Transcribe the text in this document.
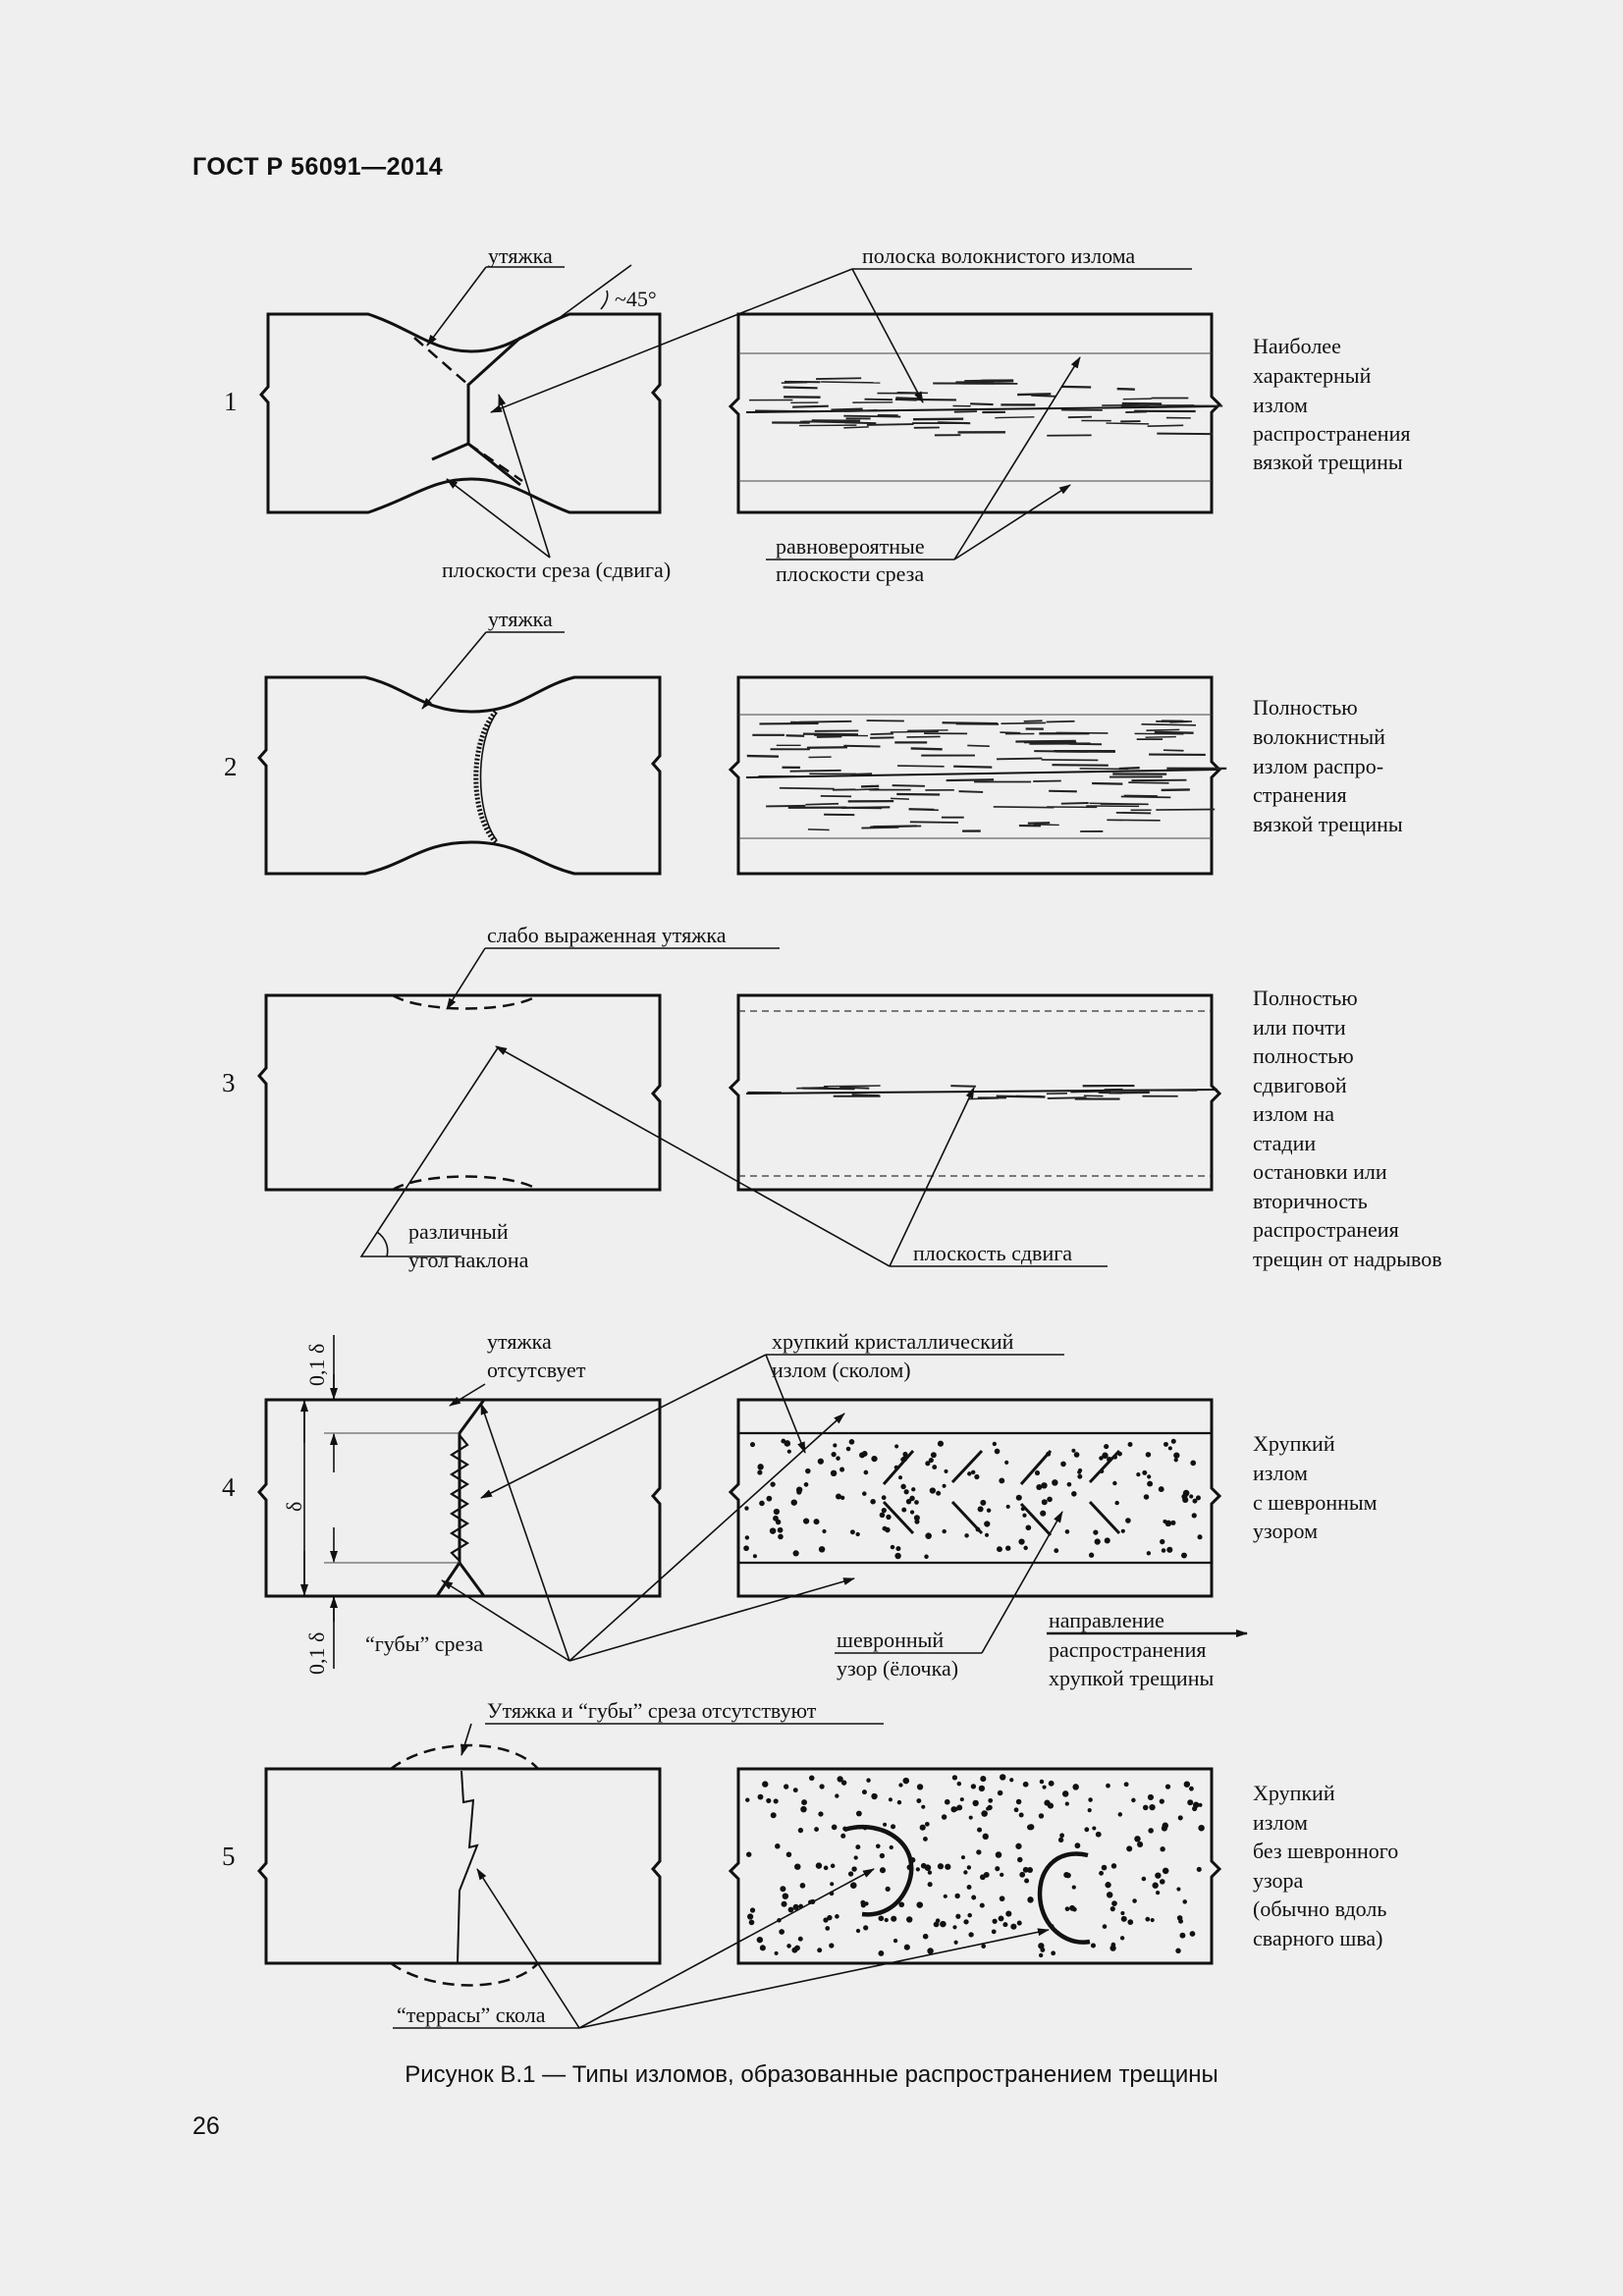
ГОСТ Р 56091—2014
1
~45°
утяжка	полоска волокнистого излома
плоскости среза (сдвига)
равновероятные
плоскости среза
Наиболее
характерный
излом
распространения
вязкой трещины
2
утяжка
Полностью
волокнистный
излом распро-
странения
вязкой трещины
3
слабо выраженная утяжка
различный
угол наклона	плоскость сдвига
Полностью
или почти
полностью
сдвиговой
излом на
стадии
остановки или
вторичность
распространеия
трещин от надрывов
4
0,1 δ
δ
0,1 δ
утяжка
отсутсвует
хрупкий кристаллический
излом (сколом)
“губы” среза	шевронный
узор (ёлочка)
направление
распространения
хрупкой трещины
Хрупкий
излом
с шевронным
узором
5
Утяжка и “губы” среза отсутствуют
“террасы” скола
Хрупкий
излом
без шевронного
узора
(обычно вдоль
сварного шва)
Рисунок В.1 — Типы изломов, образованные распространением трещины
26
